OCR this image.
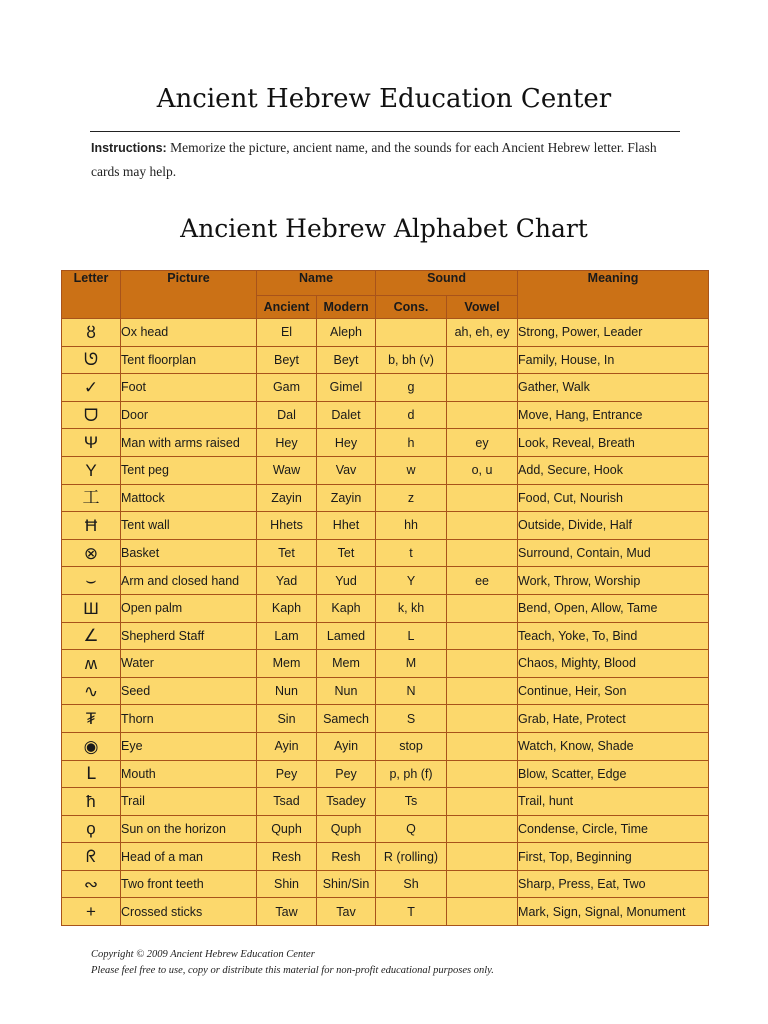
Ancient Hebrew Education Center

Instructions: Memorize the picture, ancient name, and the sounds for each Ancient Hebrew letter. Flash cards may help.

Ancient Hebrew Alphabet Chart
Letter	Picture	Name		Sound		Meaning
		Ancient	Modern	Cons.	Vowel	
ȣ	Ox head	El	Aleph		ah, eh, ey	Strong, Power, Leader
ᘎ	Tent floorplan	Beyt	Beyt	b, bh (v)		Family, House, In
✓	Foot	Gam	Gimel	g		Gather, Walk
ᗜ	Door	Dal	Dalet	d		Move, Hang, Entrance
Ψ	Man with arms raised	Hey	Hey	h	ey	Look, Reveal, Breath
Y	Tent peg	Waw	Vav	w	o, u	Add, Secure, Hook
工	Mattock	Zayin	Zayin	z		Food, Cut, Nourish
Ħ	Tent wall	Hhets	Hhet	hh		Outside, Divide, Half
⊗	Basket	Tet	Tet	t		Surround, Contain, Mud
⌣	Arm and closed hand	Yad	Yud	Y	ee	Work, Throw, Worship
Ш	Open palm	Kaph	Kaph	k, kh		Bend, Open, Allow, Tame
∠	Shepherd Staff	Lam	Lamed	L		Teach, Yoke, To, Bind
ʍ	Water	Mem	Mem	M		Chaos, Mighty, Blood
∿	Seed	Nun	Nun	N		Continue, Heir, Son
₮	Thorn	Sin	Samech	S		Grab, Hate, Protect
◉	Eye	Ayin	Ayin	stop		Watch, Know, Shade
ᒪ	Mouth	Pey	Pey	p, ph (f)		Blow, Scatter, Edge
ћ	Trail	Tsad	Tsadey	Ts		Trail, hunt
ϙ	Sun on the horizon	Quph	Quph	Q		Condense, Circle, Time
ᖇ	Head of a man	Resh	Resh	R (rolling)		First, Top, Beginning
∾	Two front teeth	Shin	Shin/Sin	Sh		Sharp, Press, Eat, Two
+	Crossed sticks	Taw	Tav	T		Mark, Sign, Signal, Monument
Copyright © 2009 Ancient Hebrew Education Center
Please feel free to use, copy or distribute this material for non-profit educational purposes only.
